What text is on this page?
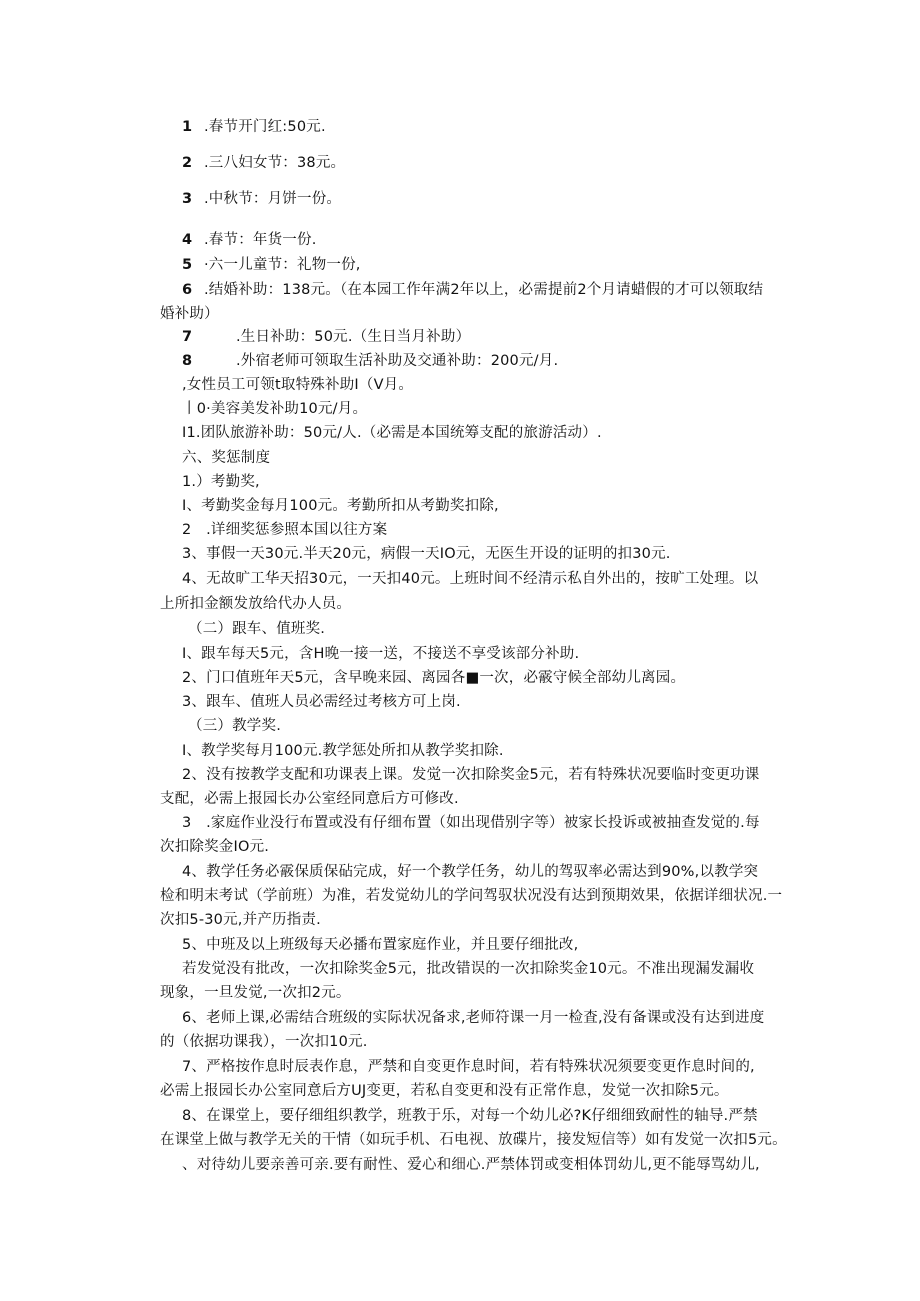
1 .春节开门红:50元.
2 .三八妇女节：38元。
3 .中秋节：月饼一份。
4 .春节：年货一份.
5 ·六一儿童节：礼物一份,
6 .结婚补助：138元。（在本园工作年满2年以上，必需提前2个月请蜡假的才可以领取结
婚补助）
7	.生日补助：50元.（生日当月补助）
8	.外宿老师可领取生活补助及交通补助：200元/月.
,女性员工可领t取特殊补助I（V月。
丨0·美容美发补助10元/月。
I1.团队旅游补助：50元/人.（必需是本国统筹支配的旅游活动）.
六、奖惩制度
1.）考勤奖,
I、考勤奖金每月100元。考勤所扣从考勤奖扣除,
2　.详细奖惩参照本国以往方案
3、事假一天30元.半天20元，病假一天IO元，无医生开设的证明的扣30元.
4、无故旷工华天招30元，一天扣40元。上班时间不经清示私自外出的，按旷工处理。以
上所扣金额发放给代办人员。
（二）跟车、值班奖.
I、跟车每天5元，含H晚一接一送，不接送不享受该部分补助.
2、门口值班年天5元，含早晚来园、离园各■一次，必霰守候全部幼儿离园。
3、跟车、值班人员必需经过考核方可上岗.
（三）教学奖.
I、教学奖每月100元.教学惩处所扣从教学奖扣除.
2、没有按教学支配和功课表上课。发觉一次扣除奖金5元，若有特殊状况要临时变更功课
支配，必需上报园长办公室经同意后方可修改.
3　.家庭作业没行布置或没有仔细布置（如出现借别字等）被家长投诉或被抽查发觉的.每
次扣除奖金IO元.
4、教学任务必霰保质保砧完成，好一个教学任务，幼儿的驾驭率必需达到90%,以教学突
检和明末考试（学前班）为准，若发觉幼儿的学问驾驭状况没有达到预期效果，依据详细状况.一
次扣5-30元,并产历指责.
5、中班及以上班级每天必播布置家庭作业，并且要仔细批改,
若发觉没有批改，一次扣除奖金5元，批改错误的一次扣除奖金10元。不准出现漏发漏收
现象，一旦发觉,一次扣2元。
6、老师上课,必需结合班级的实际状况备求,老师符课一月一检査,没有备课或没有达到进度
的（依据功课我），一次扣10元.
7、严格按作息时辰表作息，严禁和自变更作息时间，若有特殊状况须要变更作息时间的,
必需上报园长办公室同意后方UJ变更，若私自变更和没有正常作息，发觉一次扣除5元。
8、在课堂上，要仔细组织教学，班教于乐，对每一个幼儿必?K仔细细致耐性的轴导.严禁
在课堂上做与教学无关的干情（如玩手机、石电视、放碟片，接发短信等）如有发觉一次扣5元。
、对待幼儿要亲善可亲.要有耐性、爱心和细心.严禁体罚或变相体罚幼儿,更不能辱骂幼儿,
